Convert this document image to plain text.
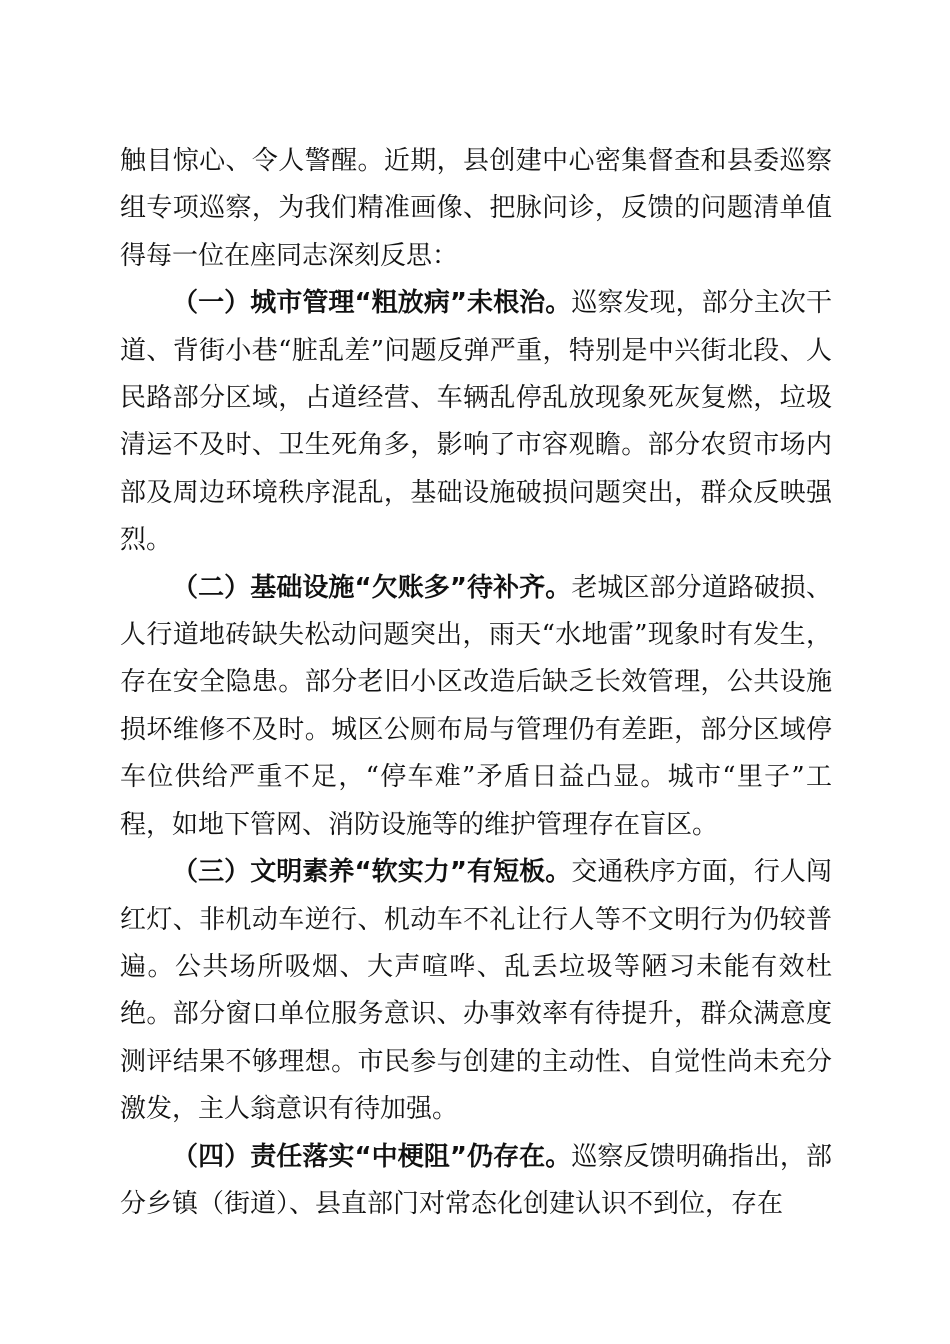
触目惊心、令人警醒。近期，县创建中心密集督查和县委巡察组专项巡察，为我们精准画像、把脉问诊，反馈的问题清单值得每一位在座同志深刻反思：

（一）城市管理“粗放病”未根治。巡察发现，部分主次干道、背街小巷“脏乱差”问题反弹严重，特别是中兴街北段、人民路部分区域，占道经营、车辆乱停乱放现象死灰复燃，垃圾清运不及时、卫生死角多，影响了市容观瞻。部分农贸市场内部及周边环境秩序混乱，基础设施破损问题突出，群众反映强烈。

（二）基础设施“欠账多”待补齐。老城区部分道路破损、人行道地砖缺失松动问题突出，雨天“水地雷”现象时有发生，存在安全隐患。部分老旧小区改造后缺乏长效管理，公共设施损坏维修不及时。城区公厕布局与管理仍有差距，部分区域停车位供给严重不足，“停车难”矛盾日益凸显。城市“里子”工程，如地下管网、消防设施等的维护管理存在盲区。

（三）文明素养“软实力”有短板。交通秩序方面，行人闯红灯、非机动车逆行、机动车不礼让行人等不文明行为仍较普遍。公共场所吸烟、大声喧哗、乱丢垃圾等陋习未能有效杜绝。部分窗口单位服务意识、办事效率有待提升，群众满意度测评结果不够理想。市民参与创建的主动性、自觉性尚未充分激发，主人翁意识有待加强。

（四）责任落实“中梗阻”仍存在。巡察反馈明确指出，部分乡镇（街道）、县直部门对常态化创建认识不到位，存在
